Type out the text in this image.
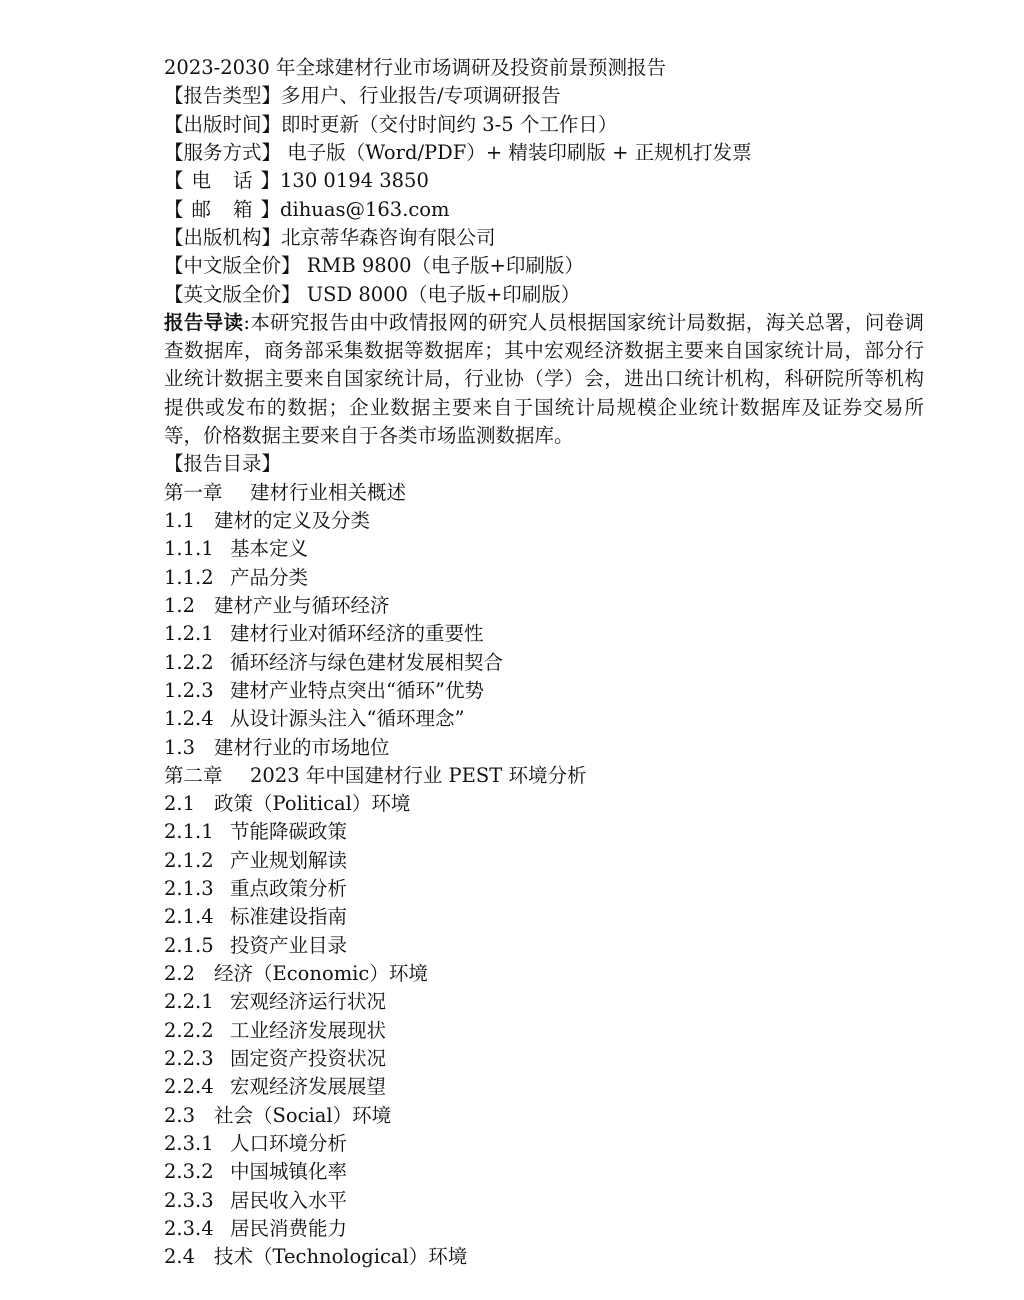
2023-2030 年全球建材行业市场调研及投资前景预测报告
【报告类型】多用户、行业报告/专项调研报告
【出版时间】即时更新（交付时间约 3-5 个工作日）
【服务方式】 电子版（Word/PDF）+ 精装印刷版 + 正规机打发票
【电 话】130 0194 3850
【邮 箱】dihuas@163.com
【出版机构】北京蒂华森咨询有限公司
【中文版全价】 RMB 9800（电子版+印刷版）
【英文版全价】 USD 8000（电子版+印刷版）

报告导读:本研究报告由中政情报网的研究人员根据国家统计局数据，海关总署，问卷调查数据库，商务部采集数据等数据库；其中宏观经济数据主要来自国家统计局，部分行业统计数据主要来自国家统计局，行业协（学）会，进出口统计机构，科研院所等机构提供或发布的数据；企业数据主要来自于国统计局规模企业统计数据库及证券交易所等，价格数据主要来自于各类市场监测数据库。

【报告目录】
第一章 建材行业相关概述
1.1 建材的定义及分类
1.1.1 基本定义
1.1.2 产品分类
1.2 建材产业与循环经济
1.2.1 建材行业对循环经济的重要性
1.2.2 循环经济与绿色建材发展相契合
1.2.3 建材产业特点突出“循环”优势
1.2.4 从设计源头注入“循环理念”
1.3 建材行业的市场地位
第二章 2023 年中国建材行业 PEST 环境分析
2.1 政策（Political）环境
2.1.1 节能降碳政策
2.1.2 产业规划解读
2.1.3 重点政策分析
2.1.4 标准建设指南
2.1.5 投资产业目录
2.2 经济（Economic）环境
2.2.1 宏观经济运行状况
2.2.2 工业经济发展现状
2.2.3 固定资产投资状况
2.2.4 宏观经济发展展望
2.3 社会（Social）环境
2.3.1 人口环境分析
2.3.2 中国城镇化率
2.3.3 居民收入水平
2.3.4 居民消费能力
2.4 技术（Technological）环境
